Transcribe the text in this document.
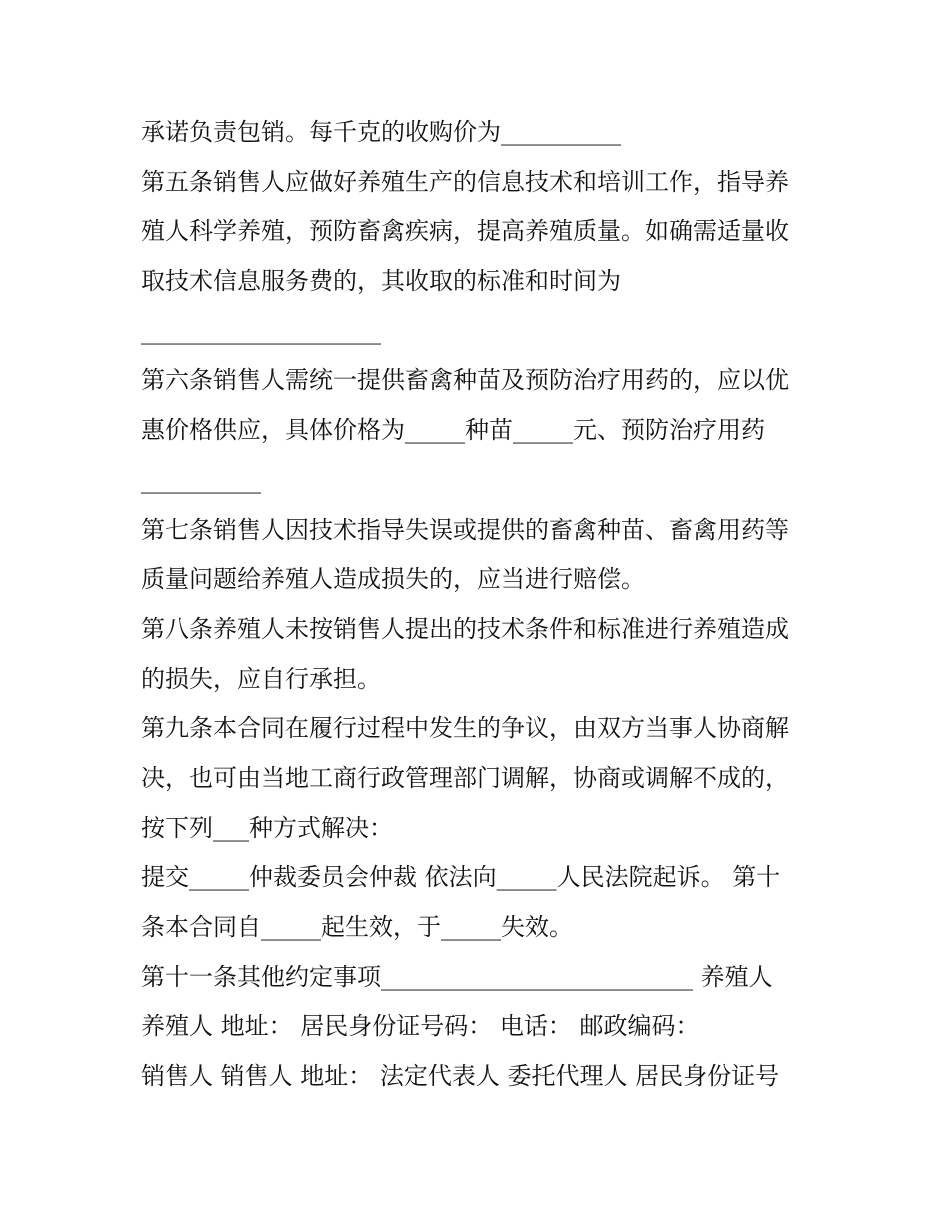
承诺负责包销。每千克的收购价为__________
第五条销售人应做好养殖生产的信息技术和培训工作，指导养
殖人科学养殖，预防畜禽疾病，提高养殖质量。如确需适量收
取技术信息服务费的，其收取的标准和时间为
____________________
第六条销售人需统一提供畜禽种苗及预防治疗用药的，应以优
惠价格供应，具体价格为_____种苗_____元、预防治疗用药
__________
第七条销售人因技术指导失误或提供的畜禽种苗、畜禽用药等
质量问题给养殖人造成损失的，应当进行赔偿。
第八条养殖人未按销售人提出的技术条件和标准进行养殖造成
的损失，应自行承担。
第九条本合同在履行过程中发生的争议，由双方当事人协商解
决，也可由当地工商行政管理部门调解，协商或调解不成的，
按下列___种方式解决：
提交_____仲裁委员会仲裁 依法向_____人民法院起诉。 第十
条本合同自_____起生效，于_____失效。
第十一条其他约定事项__________________________ 养殖人
养殖人 地址： 居民身份证号码： 电话： 邮政编码：
销售人 销售人 地址： 法定代表人 委托代理人 居民身份证号
